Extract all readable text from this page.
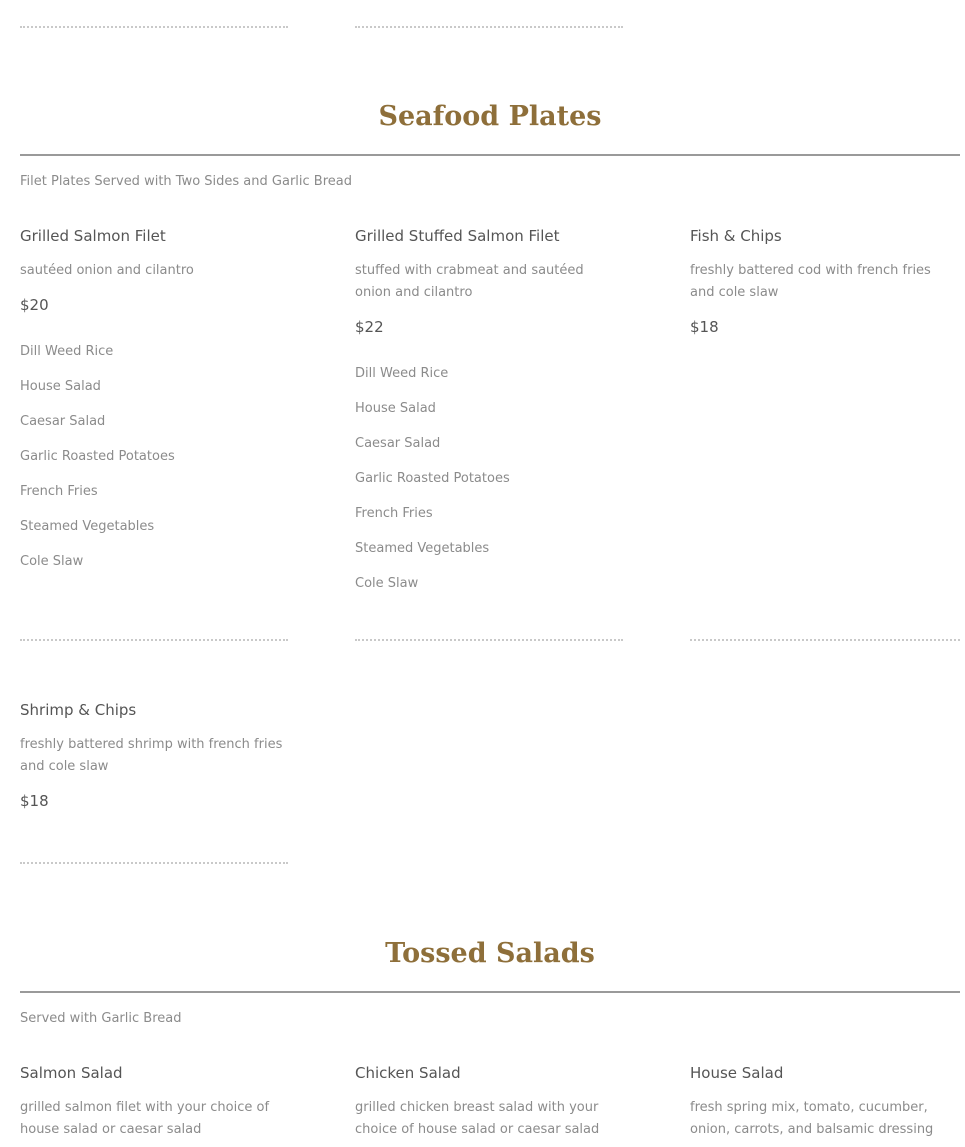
Seafood Plates

Filet Plates Served with Two Sides and Garlic Bread

Grilled Salmon Filet

sautéed onion and cilantro

$20

Dill Weed Rice
House Salad
Caesar Salad
Garlic Roasted Potatoes
French Fries
Steamed Vegetables
Cole Slaw

Grilled Stuffed Salmon Filet

stuffed with crabmeat and sautéed onion and cilantro

$22

Dill Weed Rice
House Salad
Caesar Salad
Garlic Roasted Potatoes
French Fries
Steamed Vegetables
Cole Slaw

Fish & Chips

freshly battered cod with french fries and cole slaw

$18

Shrimp & Chips

freshly battered shrimp with french fries and cole slaw

$18

Tossed Salads

Served with Garlic Bread

Salmon Salad

grilled salmon filet with your choice of house salad or caesar salad

Chicken Salad

grilled chicken breast salad with your choice of house salad or caesar salad

House Salad

fresh spring mix, tomato, cucumber, onion, carrots, and balsamic dressing
